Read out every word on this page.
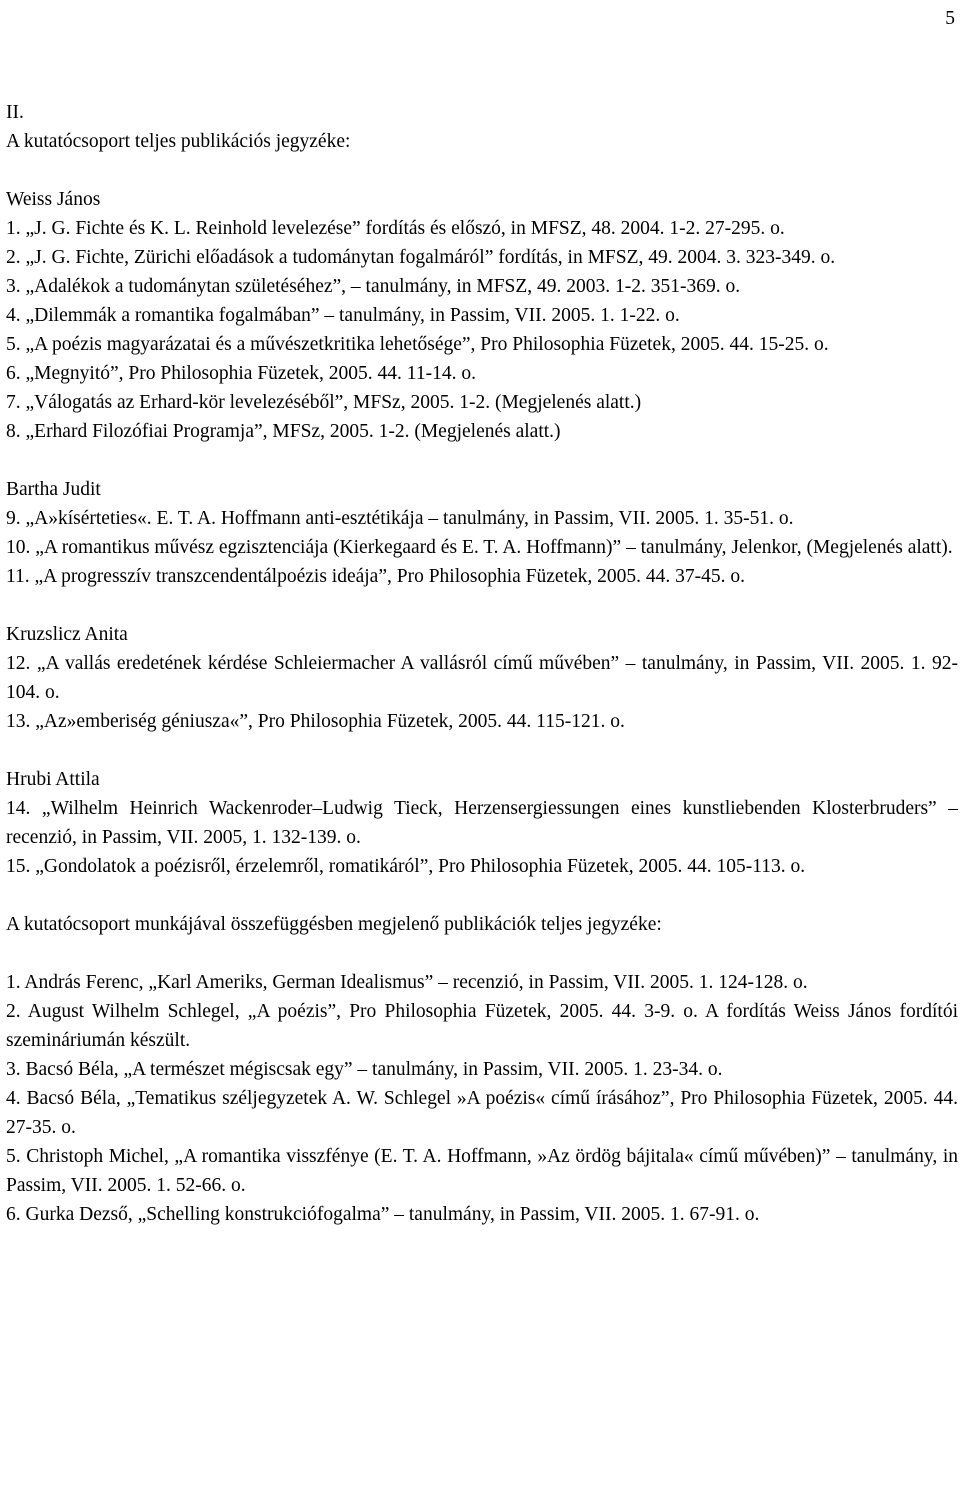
5
II.
A kutatócsoport teljes publikációs jegyzéke:
Weiss János
1. „J. G. Fichte és K. L. Reinhold levelezése” fordítás és előszó, in MFSZ, 48. 2004. 1-2. 27-295. o.
2. „J. G. Fichte, Zürichi előadások a tudománytan fogalmáról” fordítás, in MFSZ, 49. 2004. 3. 323-349. o.
3. „Adalékok a tudománytan születéséhez”, – tanulmány, in MFSZ, 49. 2003. 1-2. 351-369. o.
4. „Dilemmák a romantika fogalmában” – tanulmány, in Passim, VII. 2005. 1. 1-22. o.
5. „A poézis magyarázatai és a művészetkritika lehetősége”, Pro Philosophia Füzetek, 2005. 44. 15-25. o.
6. „Megnyitó”, Pro Philosophia Füzetek, 2005. 44. 11-14. o.
7. „Válogatás az Erhard-kör levelezéséből”, MFSz, 2005. 1-2. (Megjelenés alatt.)
8. „Erhard Filozófiai Programja”, MFSz, 2005. 1-2. (Megjelenés alatt.)
Bartha Judit
9. „A»kísérteties«. E. T. A. Hoffmann anti-esztétikája – tanulmány, in Passim, VII. 2005. 1. 35-51. o.
10. „A romantikus művész egzisztenciája (Kierkegaard és E. T. A. Hoffmann)” – tanulmány, Jelenkor, (Megjelenés alatt).
11. „A progresszív transzcendentálpoézis ideája”, Pro Philosophia Füzetek, 2005. 44. 37-45. o.
Kruzslicz Anita
12. „A vallás eredetének kérdése Schleiermacher A vallásról című művében” – tanulmány, in Passim, VII. 2005. 1. 92-104. o.
13. „Az»emberiség géniusza«”, Pro Philosophia Füzetek, 2005. 44. 115-121. o.
Hrubi Attila
14. „Wilhelm Heinrich Wackenroder–Ludwig Tieck, Herzensergiessungen eines kunstliebenden Klosterbruders” – recenzió, in Passim, VII. 2005, 1. 132-139. o.
15. „Gondolatok a poézisről, érzelemről, romatikáról”, Pro Philosophia Füzetek, 2005. 44. 105-113. o.
A kutatócsoport munkájával összefüggésben megjelenő publikációk teljes jegyzéke:
1. András Ferenc, „Karl Ameriks, German Idealismus” – recenzió, in Passim, VII. 2005. 1. 124-128. o.
2. August Wilhelm Schlegel, „A poézis”, Pro Philosophia Füzetek, 2005. 44. 3-9. o. A fordítás Weiss János fordítói szemináriumán készült.
3. Bacsó Béla, „A természet mégiscsak egy” – tanulmány, in Passim, VII. 2005. 1. 23-34. o.
4. Bacsó Béla, „Tematikus széljegyzetek A. W. Schlegel »A poézis« című írásához”, Pro Philosophia Füzetek, 2005. 44. 27-35. o.
5. Christoph Michel, „A romantika visszfénye (E. T. A. Hoffmann, »Az ördög bájitala« című művében)” – tanulmány, in Passim, VII. 2005. 1. 52-66. o.
6. Gurka Dezső, „Schelling konstrukciófogalma” – tanulmány, in Passim, VII. 2005. 1. 67-91. o.
